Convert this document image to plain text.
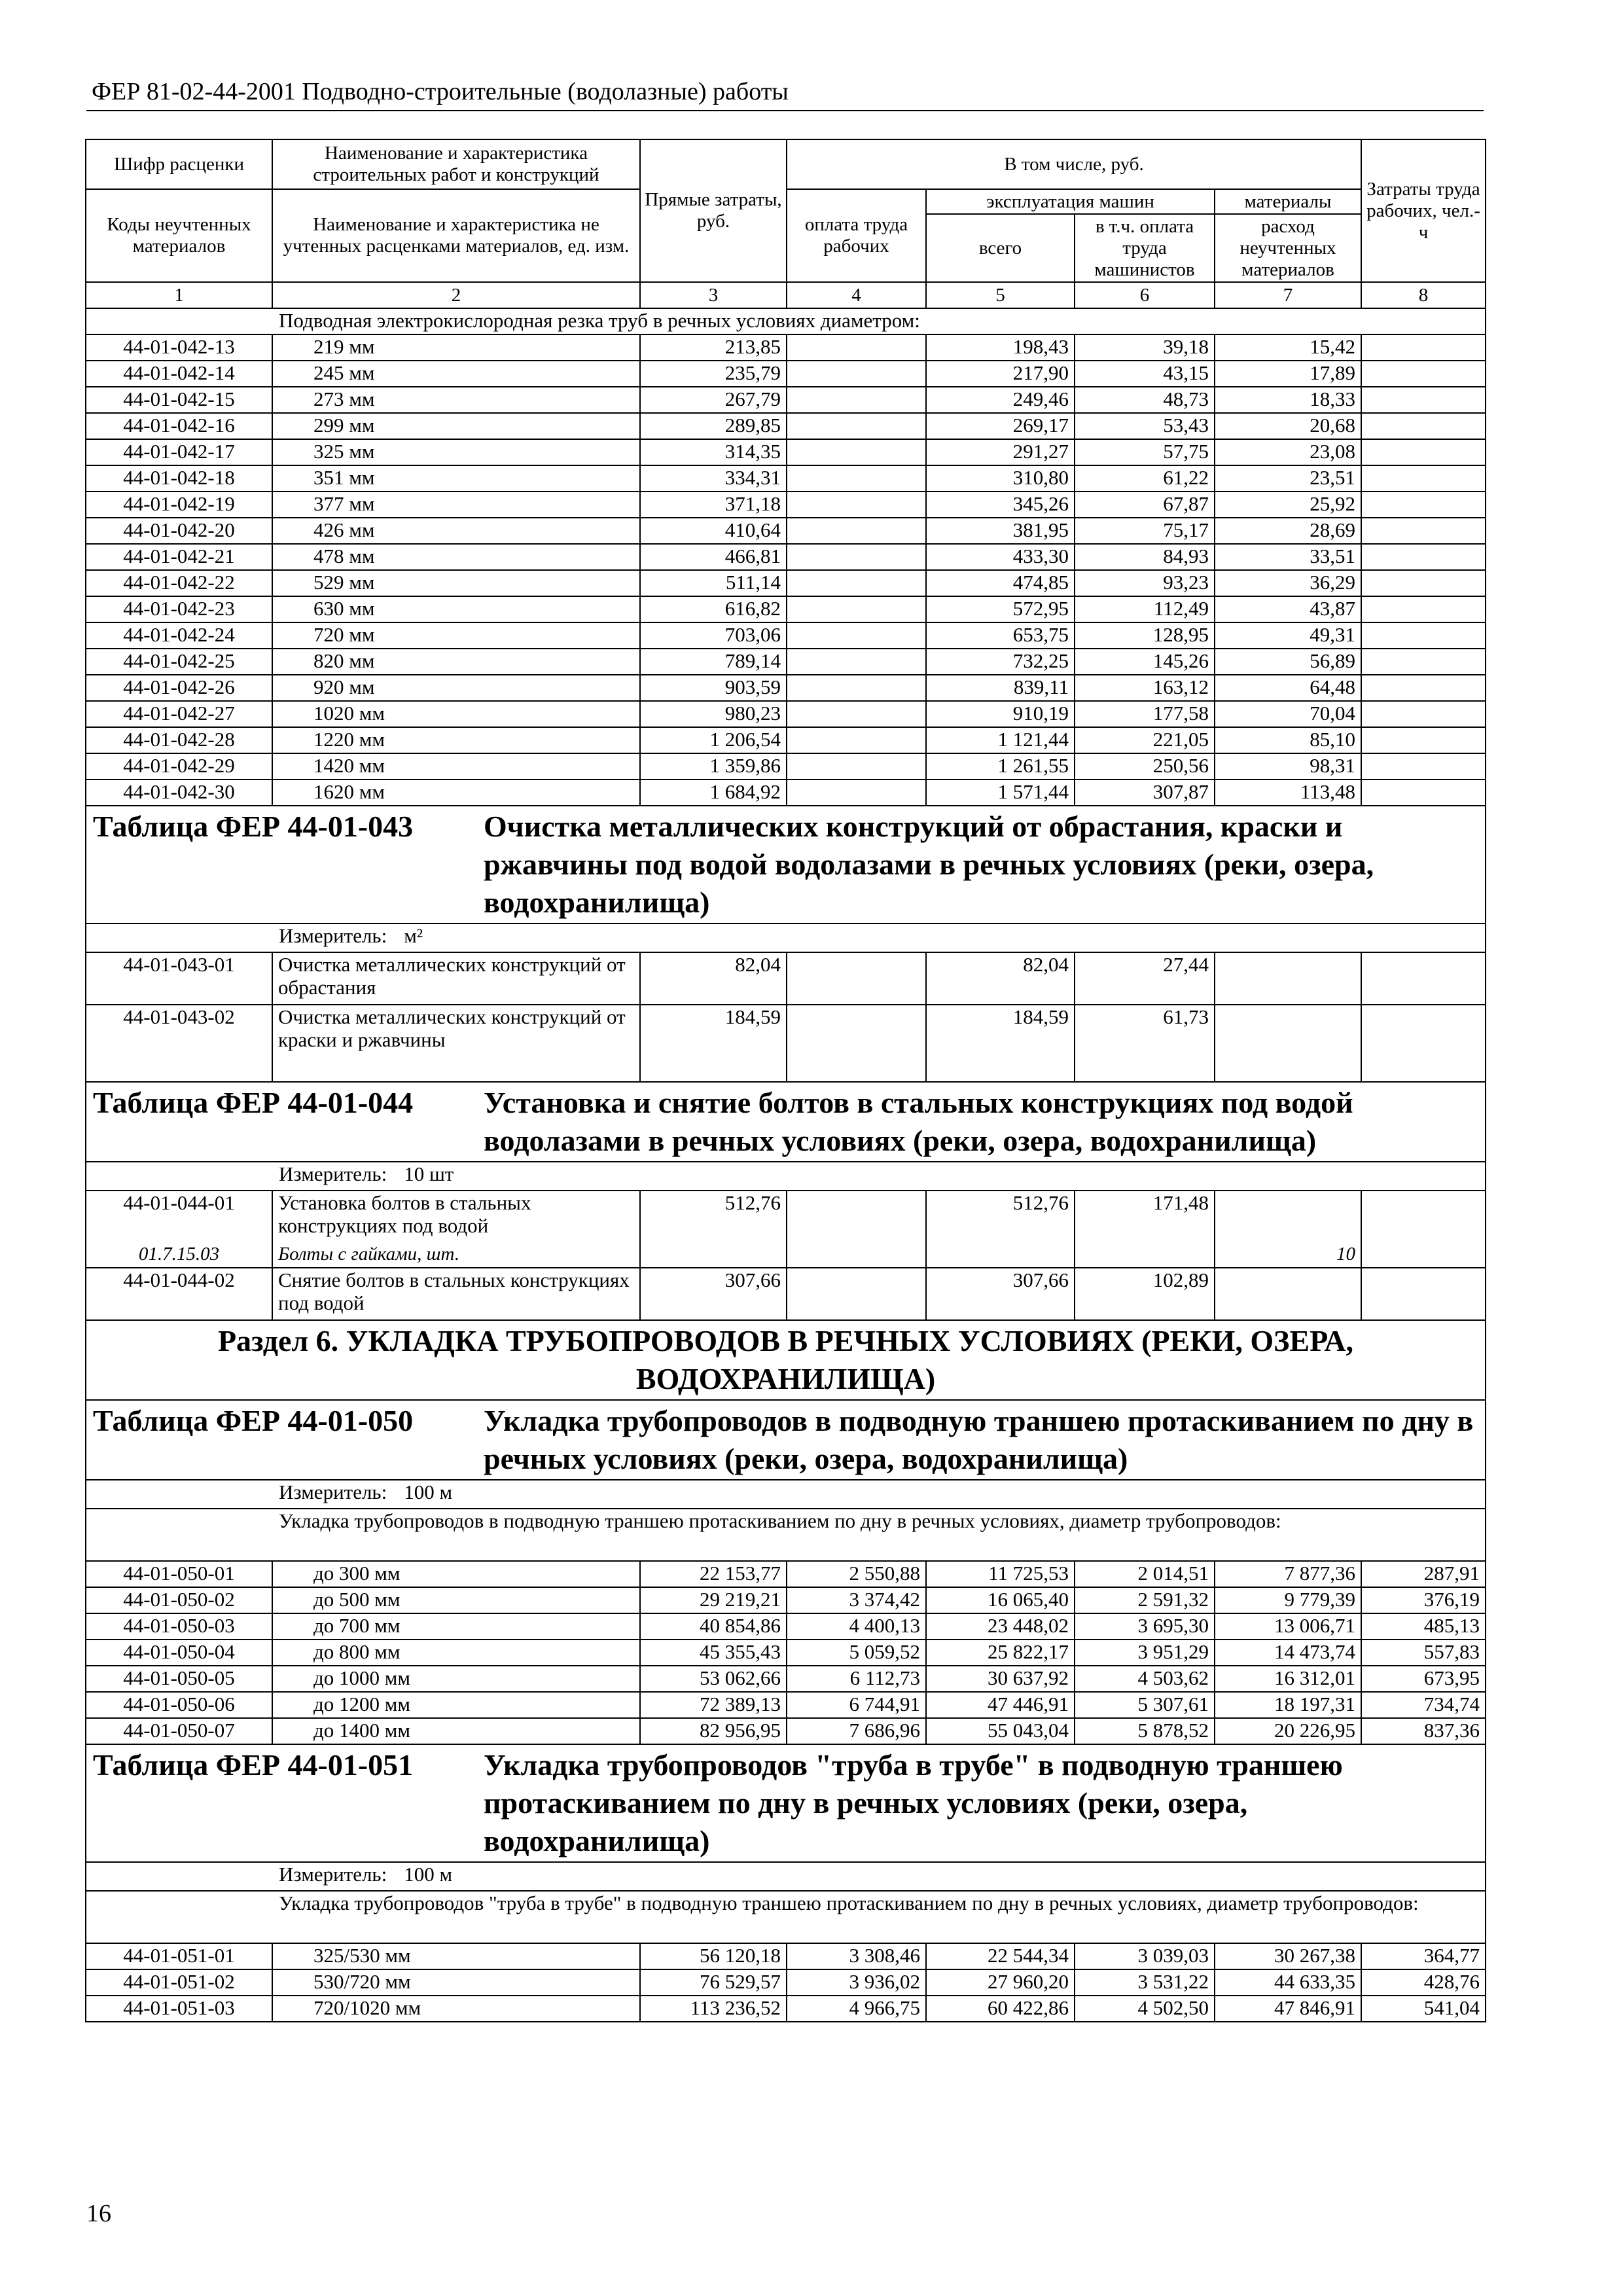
ФЕР 81-02-44-2001 Подводно-строительные (водолазные) работы
Шифр расценки	Наименование и характеристика строительных работ и конструкций	Прямые затраты, руб.	В том числе, руб.				Затраты труда рабочих, чел.-ч
Коды неучтенных материалов	Наименование и характеристика не учтенных расценками материалов, ед. изм.		оплата труда рабочих	эксплуатация машин		материалы	
				всего	в т.ч. оплата труда машинистов	расход неучтенных материалов	
1	2	3	4	5	6	7	8
Подводная электрокислородная резка труб в речных условиях диаметром:							
44-01-042-13	219 мм	213,85		198,43	39,18	15,42	
44-01-042-14	245 мм	235,79		217,90	43,15	17,89	
44-01-042-15	273 мм	267,79		249,46	48,73	18,33	
44-01-042-16	299 мм	289,85		269,17	53,43	20,68	
44-01-042-17	325 мм	314,35		291,27	57,75	23,08	
44-01-042-18	351 мм	334,31		310,80	61,22	23,51	
44-01-042-19	377 мм	371,18		345,26	67,87	25,92	
44-01-042-20	426 мм	410,64		381,95	75,17	28,69	
44-01-042-21	478 мм	466,81		433,30	84,93	33,51	
44-01-042-22	529 мм	511,14		474,85	93,23	36,29	
44-01-042-23	630 мм	616,82		572,95	112,49	43,87	
44-01-042-24	720 мм	703,06		653,75	128,95	49,31	
44-01-042-25	820 мм	789,14		732,25	145,26	56,89	
44-01-042-26	920 мм	903,59		839,11	163,12	64,48	
44-01-042-27	1020 мм	980,23		910,19	177,58	70,04	
44-01-042-28	1220 мм	1 206,54		1 121,44	221,05	85,10	
44-01-042-29	1420 мм	1 359,86		1 261,55	250,56	98,31	
44-01-042-30	1620 мм	1 684,92		1 571,44	307,87	113,48	

Таблица ФЕР 44-01-043 Очистка металлических конструкций от обрастания, краски и ржавчины под водой водолазами в речных условиях (реки, озера, водохранилища)							

Измеритель: м²							
44-01-043-01	Очистка металлических конструкций от обрастания	82,04		82,04	27,44		
44-01-043-02	Очистка металлических конструкций от краски и ржавчины	184,59		184,59	61,73		

Таблица ФЕР 44-01-044 Установка и снятие болтов в стальных конструкциях под водой водолазами в речных условиях (реки, озера, водохранилища)							

Измеритель: 10 шт							
44-01-044-01	Установка болтов в стальных конструкциях под водой	512,76		512,76	171,48		
01.7.15.03	Болты с гайками, шт.					10	
44-01-044-02	Снятие болтов в стальных конструкциях под водой	307,66		307,66	102,89		
Раздел 6. УКЛАДКА ТРУБОПРОВОДОВ В РЕЧНЫХ УСЛОВИЯХ (РЕКИ, ОЗЕРА, ВОДОХРАНИЛИЩА)							

Таблица ФЕР 44-01-050 Укладка трубопроводов в подводную траншею протаскиванием по дну в речных условиях (реки, озера, водохранилища)							

Измеритель: 100 м							
Укладка трубопроводов в подводную траншею протаскиванием по дну в речных условиях, диаметр трубопроводов:							
44-01-050-01	до 300 мм	22 153,77	2 550,88	11 725,53	2 014,51	7 877,36	287,91
44-01-050-02	до 500 мм	29 219,21	3 374,42	16 065,40	2 591,32	9 779,39	376,19
44-01-050-03	до 700 мм	40 854,86	4 400,13	23 448,02	3 695,30	13 006,71	485,13
44-01-050-04	до 800 мм	45 355,43	5 059,52	25 822,17	3 951,29	14 473,74	557,83
44-01-050-05	до 1000 мм	53 062,66	6 112,73	30 637,92	4 503,62	16 312,01	673,95
44-01-050-06	до 1200 мм	72 389,13	6 744,91	47 446,91	5 307,61	18 197,31	734,74
44-01-050-07	до 1400 мм	82 956,95	7 686,96	55 043,04	5 878,52	20 226,95	837,36

Таблица ФЕР 44-01-051 Укладка трубопроводов "труба в трубе" в подводную траншею протаскиванием по дну в речных условиях (реки, озера, водохранилища)							

Измеритель: 100 м							
Укладка трубопроводов "труба в трубе" в подводную траншею протаскиванием по дну в речных условиях, диаметр трубопроводов:							
44-01-051-01	325/530 мм	56 120,18	3 308,46	22 544,34	3 039,03	30 267,38	364,77
44-01-051-02	530/720 мм	76 529,57	3 936,02	27 960,20	3 531,22	44 633,35	428,76
44-01-051-03	720/1020 мм	113 236,52	4 966,75	60 422,86	4 502,50	47 846,91	541,04
16
